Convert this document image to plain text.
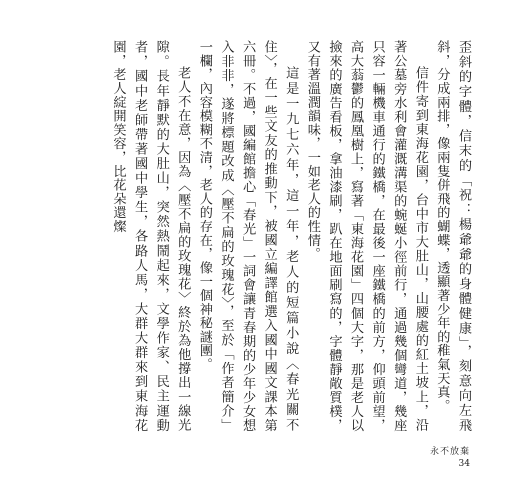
歪斜的字體，信末的「祝：楊爺爺的身體健康」，刻意向左飛斜，分成兩排，像兩隻併飛的蝴蝶，透顯著少年的稚氣天真。

信件寄到東海花園，台中市大肚山，山腰處的紅土坡上，沿著公墓旁水利會灌溉溝渠的蜿蜒小徑前行，通過幾個彎道，幾座只容一輛機車通行的鐵橋，在最後一座鐵橋的前方，仰頭前望，高大蓊鬱的鳳凰樹上，寫著「東海花園」四個大字，那是老人以撿來的廣告看板，拿油漆刷，趴在地面刷寫的，字體靜敞質樸，又有著溫潤韻味，一如老人的性情。

這是一九七六年，這一年，老人的短篇小說〈春光關不住〉，在一些文友的推動下，被國立編譯館選入國中國文課本第六冊。不過，國編館擔心「春光」一詞會讓青春期的少年少女想入非非，遂將標題改成〈壓不扁的玫瑰花〉，至於「作者簡介」一欄，內容模糊不清，老人的存在，像一個神秘謎團。

老人不在意，因為〈壓不扁的玫瑰花〉終於為他撐出一線光隙。長年靜默的大肚山，突然熱鬧起來，文學作家、民主運動者，國中老師帶著國中學生，各路人馬，大群大群來到東海花園，老人綻開笑容，比花朵還燦

永不放棄
34
